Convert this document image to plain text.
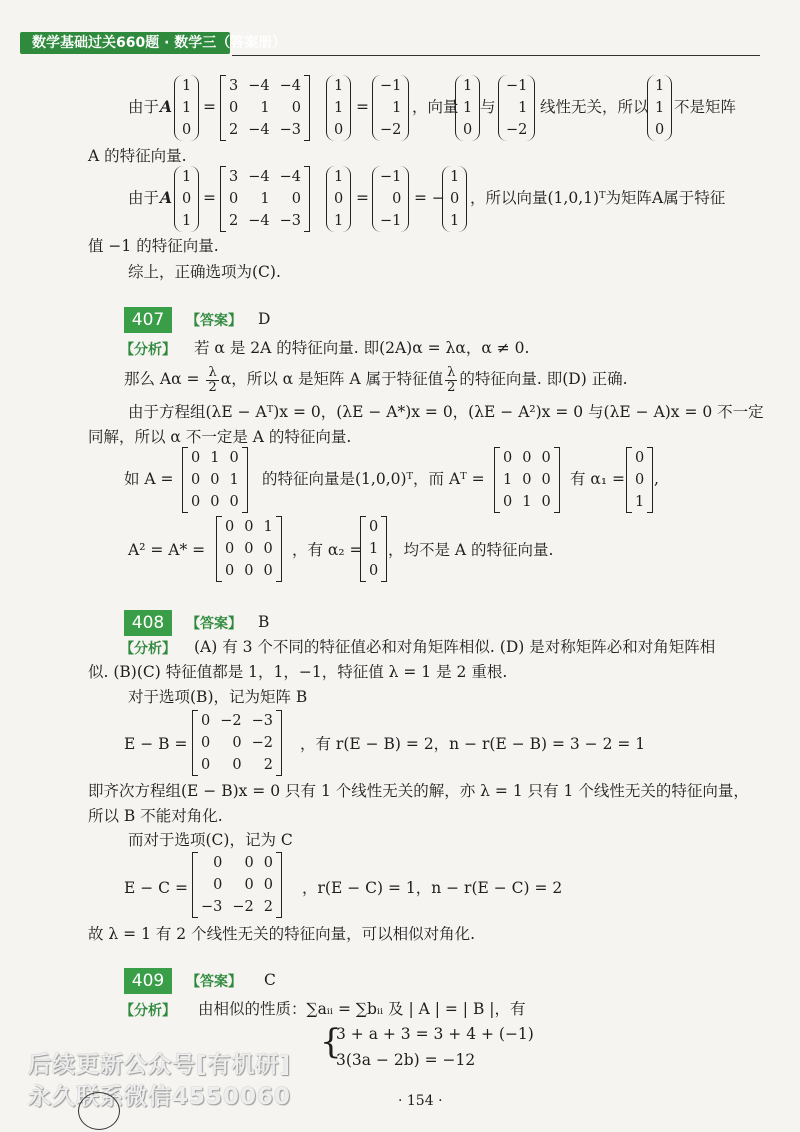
数学基础过关660题 · 数学三（答案册）
由于 A
1
1
0
=
3	−4	−4
0	1	0
2	−4	−3
1
1
0
=
−1
1
−2
，向量
1
1
0
与
−1
1
−2
线性无关，所以
1
1
0
不是矩阵
A 的特征向量.
由于 A
1
0
1
=
3	−4	−4
0	1	0
2	−4	−3
1
0
1
=
−1
0
−1
= −
1
0
1
，所以向量(1,0,1)ᵀ为矩阵A属于特征
值 −1 的特征向量.
综上，正确选项为(C).
407	【答案】 D
【分析】 若 α 是 2A 的特征向量. 即(2A)α = λα，α ≠ 0.
那么 $A\alpha = \frac{\lambda}{2}$ α，所以 α 是矩阵 A 属于特征值 $\frac{\lambda}{2}$ 的特征向量. 即(D) 正确.
由于方程组(λE − Aᵀ)x = 0，(λE − A*)x = 0，(λE − A²)x = 0 与(λE − A)x = 0 不一定
同解，所以 α 不一定是 A 的特征向量.
如 A =
0	1	0
0	0	1
0	0	0
的特征向量是(1,0,0)ᵀ，而 Aᵀ =
0	0	0
1	0	0
0	1	0
有 α₁ =
0
0
1
,
A² = A* =
0	0	1
0	0	0
0	0	0
，有 α₂ =
0
1
0
，均不是 A 的特征向量.
408	【答案】 B
【分析】 (A) 有 3 个不同的特征值必和对角矩阵相似. (D) 是对称矩阵必和对角矩阵相
似. (B)(C) 特征值都是 1，1，−1，特征值 λ = 1 是 2 重根.
对于选项(B)，记为矩阵 B
E − B =
0	−2	−3
0	0	−2
0	0	2
，有 r(E − B) = 2，n − r(E − B) = 3 − 2 = 1
即齐次方程组(E − B)x = 0 只有 1 个线性无关的解，亦 λ = 1 只有 1 个线性无关的特征向量，
所以 B 不能对角化.
而对于选项(C)，记为 C
E − C =
0	0	0
0	0	0
−3	−2	2
，r(E − C) = 1，n − r(E − C) = 2
故 λ = 1 有 2 个线性无关的特征向量，可以相似对角化.
409	【答案】 C
【分析】 由相似的性质：∑aᵢᵢ = ∑bᵢᵢ 及 | A | = | B |，有
{
3 + a + 3 = 3 + 4 + (−1)
3(3a − 2b) = −12
后续更新公众号[有机研]
永久联系微信4550060	· 154 ·
